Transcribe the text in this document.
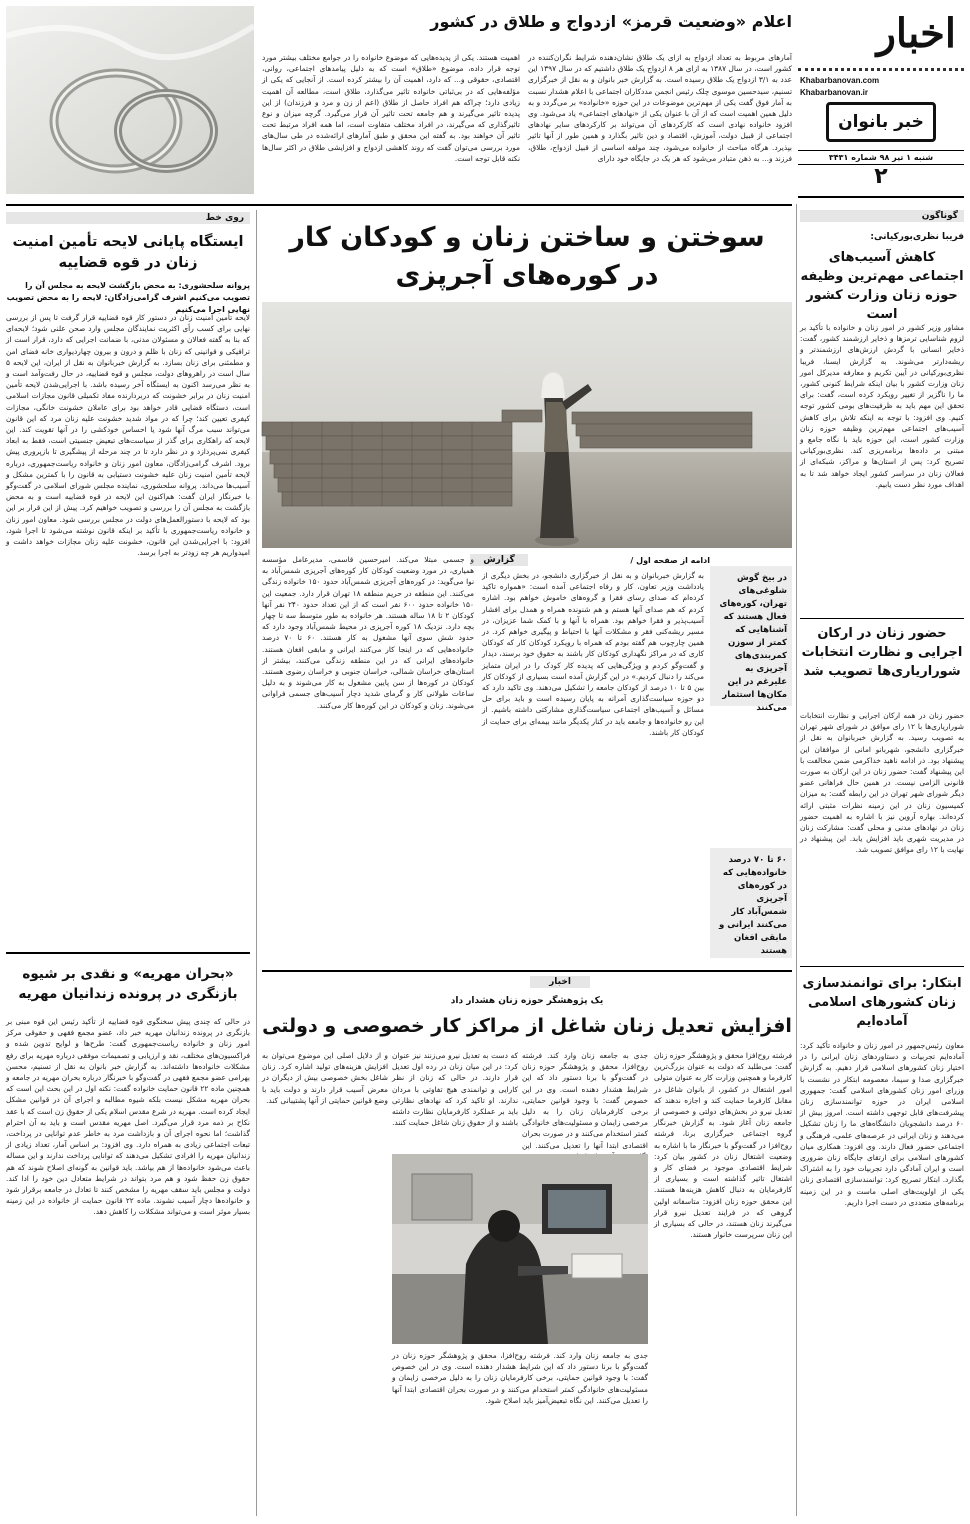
اخبار
Khabarbanovan.com
Khabarbanovan.ir
خبر بانوان
شنبه ۱ تیر ۹۸ شماره ۳۴۳۱
۲
اعلام «وضعیت قرمز» ازدواج و طلاق در کشور
آمارهای مربوط به تعداد ازدواج به ازای یک طلاق نشان‌دهنده شرایط نگران‌کننده در کشور است، در سال ۱۳۸۷ به ازای هر ۸ ازدواج یک طلاق داشتیم که در سال ۱۳۹۷ این عدد به ۳/۱ ازدواج یک طلاق رسیده است. به گزارش خبر بانوان و به نقل از خبرگزاری تسنیم، سیدحسین موسوی چلک رئیس انجمن مددکاران اجتماعی با اعلام هشدار نسبت به آمار فوق گفت یکی از مهم‌ترین موضوعات در این حوزه «خانواده» بر می‌گردد و به دلیل همین اهمیت است که از آن با عنوان یکی از «نهادهای اجتماعی» یاد می‌شود. وی افزود خانواده نهادی است که کارکردهای آن می‌تواند بر کارکردهای سایر نهادهای اجتماعی از قبیل دولت، آموزش، اقتصاد و دین تاثیر بگذارد و همین طور از آنها تاثیر بپذیرد. هرگاه مباحث از خانواده می‌شود، چند مولفه اساسی از قبیل ازدواج، طلاق، فرزند و... به ذهن متبادر می‌شود که هر یک در جایگاه خود دارای
اهمیت هستند. یکی از پدیده‌هایی که موضوع خانواده را در جوامع مختلف بیشتر مورد توجه قرار داده، موضوع «طلاق» است که به دلیل پیامدهای اجتماعی، روانی، اقتصادی، حقوقی و... که دارد، اهمیت آن را بیشتر کرده است. از آنجایی که یکی از مؤلفه‌هایی که در بی‌ثباتی خانواده تاثیر می‌گذارد، طلاق است، مطالعه آن اهمیت زیادی دارد؛ چراکه هم افراد حاصل از طلاق (اعم از زن و مرد و فرزندان) از این پدیده تاثیر می‌گیرند و هم جامعه تحت تاثیر آن قرار می‌گیرد. گرچه میزان و نوع تاثیرگذاری که می‌گیرند، در افراد مختلف متفاوت است، اما همه افراد مرتبط تحت تاثیر آن خواهند بود. به گفته این محقق و طبق آمارهای ارائه‌شده در طی سال‌های مورد بررسی می‌توان گفت که روند کاهشی ازدواج و افزایشی طلاق در اکثر سال‌ها نکته قابل توجه است.
روی خط
ایستگاه پایانی لایحه تأمین امنیت زنان در قوه قضاییه
پروانه سلحشوری: به محض بازگشت لایحه به مجلس آن را تصویب می‌کنیم اشرف گرامی‌زادگان: لایحه را به محض تصویب نهایی اجرا می‌کنیم
لایحه تأمین امنیت زنان در دستور کار قوه قضاییه قرار گرفت تا پس از بررسی نهایی برای کسب رأی اکثریت نمایندگان مجلس وارد صحن علنی شود؛ لایحه‌ای که بنا به گفته فعالان و مسئولان مدنی، با ضمانت اجرایی که دارد، قرار است از ترافیکی و قوانینی که زنان با ظلم و درون و بیرون چهاردیواری خانه فضای امن و مطمئنی برای زنان بسازد. به گزارش خبربانوان به نقل از ایران، این لایحه ۵ سال است در راهروهای دولت، مجلس و قوه قضاییه، در حال رفت‌وآمد است و به نظر می‌رسد اکنون به ایستگاه آخر رسیده باشد. با اجرایی‌شدن لایحه تأمین امنیت زنان در برابر خشونت که دربردارنده مفاد تکمیلی قانون مجازات اسلامی است، دستگاه قضایی قادر خواهد بود برای عاملان خشونت خانگی، مجازات کیفری تعیین کند؛ چرا که در مواد شدید خشونت علیه زنان مرد که این قانون می‌تواند سبب مرگ آنها شود یا احساس خودکشی را در آنها تقویت کند. این لایحه که راهکاری برای گذر از سیاست‌های تبعیض جنسیتی است، فقط به ابعاد کیفری نمی‌پردازد و در نظر دارد تا در چند مرحله از پیشگیری تا بازپروری پیش برود. اشرف گرامی‌زادگان، معاون امور زنان و خانواده ریاست‌جمهوری، درباره لایحه تأمین امنیت زنان علیه خشونت دستیابی به قانون را با کمترین مشکل و آسیب‌ها می‌داند. پروانه سلحشوری، نماینده مجلس شورای اسلامی در گفت‌وگو با خبرنگار ایران گفت: هم‌اکنون این لایحه در قوه قضاییه است و به محض بازگشت به مجلس آن را بررسی و تصویب خواهیم کرد. پیش از این قرار بر این بود که لایحه با دستورالعمل‌های دولت در مجلس بررسی شود. معاون امور زنان و خانواده ریاست‌جمهوری با تأکید بر اینکه قانون نوشته می‌شود تا اجرا شود، افزود: با اجرایی‌شدن این قانون، خشونت علیه زنان مجازات خواهد داشت و امیدواریم هر چه زودتر به اجرا برسد.
«بحران مهریه» و نقدی بر شیوه بازنگری در پرونده زندانیان مهریه
در حالی که چندی پیش سخنگوی قوه قضاییه از تأکید رئیس این قوه مبنی بر بازنگری در پرونده زندانیان مهریه خبر داد، عضو مجمع فقهی و حقوقی مرکز امور زنان و خانواده ریاست‌جمهوری گفت: طرح‌ها و لوایح تدوین شده و فراکسیون‌های مختلف، نقد و ارزیابی و تصمیمات موفقی درباره مهریه برای رفع مشکلات خانواده‌ها داشته‌اند. به گزارش خبر بانوان به نقل از تسنیم، محسن بهرامی عضو مجمع فقهی در گفت‌وگو با خبرنگار درباره بحران مهریه در جامعه و همچنین ماده ۲۲ قانون حمایت خانواده گفت: نکته اول در این بحث این است که بحران مهریه مشکل نیست بلکه شیوه مطالبه و اجرای آن در قوانین مشکل ایجاد کرده است. مهریه در شرع مقدس اسلام یکی از حقوق زن است که با عقد نکاح بر ذمه مرد قرار می‌گیرد. اصل مهریه مقدس است و باید به آن احترام گذاشت؛ اما نحوه اجرای آن و بازداشت مرد به خاطر عدم توانایی در پرداخت، تبعات اجتماعی زیادی به همراه دارد. وی افزود: بر اساس آمار، تعداد زیادی از زندانیان مهریه را افرادی تشکیل می‌دهند که توانایی پرداخت ندارند و این مساله باعث می‌شود خانواده‌ها از هم بپاشد. باید قوانین به گونه‌ای اصلاح شوند که هم حقوق زن حفظ شود و هم مرد بتواند در شرایط متعادل دین خود را ادا کند. دولت و مجلس باید سقف مهریه را مشخص کنند تا تعادل در جامعه برقرار شود و خانواده‌ها دچار آسیب نشوند. ماده ۲۲ قانون حمایت از خانواده در این زمینه بسیار موثر است و می‌تواند مشکلات را کاهش دهد.
سوختن و ساختن زنان و کودکان کار
در کوره‌های آجرپزی
گزارش	ادامه از صفحه اول /
در بیخ گوش شلوغی‌های تهران، کوره‌های فعال هستند که آشناهایی که کمتر از سوزن کمربندی‌های آجرپزی به علیرغم در این مکان‌ها استثمار می‌کنند
۶۰ تا ۷۰ درصد خانواده‌هایی که در کوره‌های آجرپزی شمس‌آباد کار می‌کنند ایرانی و مابقی افغان هستند
به گزارش خبربانوان و به نقل از خبرگزاری دانشجو، در بخش دیگری از یادداشت وزیر تعاون، کار و رفاه اجتماعی آمده است: «همواره تاکید کرده‌ام که صدای رسای فقرا و گروه‌های خاموش خواهم بود. اشاره کردم که هم صدای آنها هستم و هم شنونده همراه و همدل برای افشار آسیب‌پذیر و فقرا خواهم بود. همراه با آنها و با کمک شما عزیزان، در مسیر ریشه‌کنی فقر و مشکلات آنها با احتیاط و پیگیری خواهم کرد. در همین چارچوب هم گفته بودم که همراه با رویکرد کودکان کار که کودکان کاری که در مراکز نگهداری کودکان کار باشند به حقوق خود برسند، دیدار و گفت‌وگو کردم و ویژگی‌هایی که پدیده کار کودک را در ایران متمایز می‌کند را دنبال کردیم.» در این گزارش آمده است بسیاری از کودکان کار بین ۵ تا ۱۰ درصد از کودکان جامعه را تشکیل می‌دهند. وی تاکید دارد که دو حوزه سیاست‌گذاری آمرانه به پایان رسیده است و باید برای حل مسائل و آسیب‌های اجتماعی سیاست‌گذاری مشارکتی داشته باشیم. از این رو خانواده‌ها و جامعه باید در کنار یکدیگر مانند بیمه‌ای برای حمایت از کودکان کار باشند.
و جسمی مبتلا می‌کند. امیرحسین قاسمی، مدیرعامل مؤسسه همیاری، در مورد وضعیت کودکان کار کوره‌های آجرپزی شمس‌آباد به نوا می‌گوید: در کوره‌های آجرپزی شمس‌آباد حدود ۱۵۰ خانواده زندگی می‌کنند. این منطقه در حریم منطقه ۱۸ تهران قرار دارد. جمعیت این ۱۵۰ خانواده حدود ۶۰۰ نفر است که از این تعداد حدود ۲۴۰ نفر آنها کودکان ۲ تا ۱۸ ساله هستند. هر خانواده به طور متوسط سه تا چهار بچه دارد. نزدیک ۱۸ کوره آجرپزی در محیط شمس‌آباد وجود دارد که حدود شش سوی آنها مشغول به کار هستند. ۶۰ تا ۷۰ درصد خانواده‌هایی که در اینجا کار می‌کنند ایرانی و مابقی افغان هستند. خانواده‌های ایرانی که در این منطقه زندگی می‌کنند، بیشتر از استان‌های خراسان شمالی، خراسان جنوبی و خراسان رضوی هستند. کودکان در کوره‌ها از سن پایین مشغول به کار می‌شوند و به دلیل ساعات طولانی کار و گرمای شدید دچار آسیب‌های جسمی فراوانی می‌شوند. زنان و کودکان در این کوره‌ها کار می‌کنند.
اخبار
یک پژوهشگر حوزه زنان هشدار داد
افزایش تعدیل زنان شاغل از مراکز کار خصوصی و دولتی
فرشته روح‌افزا محقق و پژوهشگر حوزه زنان گفت: می‌طلبد که دولت به عنوان بزرگ‌ترین کارفرما و همچنین وزارت کار به عنوان متولی امور اشتغال در کشور، از بانوان شاغل در مقابل کارفرما حمایت کند و اجازه ندهند که تعدیل نیرو در بخش‌های دولتی و خصوصی از جامعه زنان آغاز شود. به گزارش خبرنگار گروه اجتماعی خبرگزاری برنا، فرشته روح‌افزا در گفت‌وگو با خبرنگار ما با اشاره به وضعیت اشتغال زنان در کشور بیان کرد: شرایط اقتصادی موجود بر فضای کار و اشتغال تاثیر گذاشته است و بسیاری از کارفرمایان به دنبال کاهش هزینه‌ها هستند. این محقق حوزه زنان افزود: متاسفانه اولین گروهی که در فرایند تعدیل نیرو قرار می‌گیرند زنان هستند، در حالی که بسیاری از این زنان سرپرست خانوار هستند.
جدی به جامعه زنان وارد کند. فرشته روح‌افزا، محقق و پژوهشگر حوزه زنان در گفت‌وگو با برنا دستور داد که این شرایط هشدار دهنده است. وی در این خصوص گفت: با وجود قوانین حمایتی، برخی کارفرمایان زنان را به دلیل مرخصی زایمان و مسئولیت‌های خانوادگی کمتر استخدام می‌کنند و در صورت بحران اقتصادی ابتدا آنها را تعدیل می‌کنند. این
که دست به تعدیل نیرو می‌زنند نیز عنوان کرد: در این میان زنان در رده اول تعدیل قرار دارند. در حالی که زنان از نظر کارایی و توانمندی هیچ تفاوتی با مردان ندارند. او تاکید کرد که نهادهای نظارتی باید بر عملکرد کارفرمایان نظارت داشته باشند و از حقوق زنان شاغل حمایت کنند.
و از دلایل اصلی این موضوع می‌توان به افزایش هزینه‌های تولید اشاره کرد. زنان شاغل بخش خصوصی بیش از دیگران در معرض آسیب قرار دارند و دولت باید با وضع قوانین حمایتی از آنها پشتیبانی کند.
جدی به جامعه زنان وارد کند. فرشته روح‌افزا، محقق و پژوهشگر حوزه زنان در گفت‌وگو با برنا دستور داد که این شرایط هشدار دهنده است. وی در این خصوص گفت: با وجود قوانین حمایتی، برخی کارفرمایان زنان را به دلیل مرخصی زایمان و مسئولیت‌های خانوادگی کمتر استخدام می‌کنند و در صورت بحران اقتصادی ابتدا آنها را تعدیل می‌کنند. این نگاه تبعیض‌آمیز باید اصلاح شود.
گوناگون
فریبا نظری‌بورکیانی:
کاهش آسیب‌های اجتماعی مهم‌ترین وظیفه حوزه زنان وزارت کشور است
مشاور وزیر کشور در امور زنان و خانواده با تأکید بر لزوم شناسایی ترمزها و ذخایر ارزشمند کشور، گفت: ذخایر انسانی با گردش ارزش‌های ارزشمندتر و ریشه‌دارتر می‌شوند. به گزارش ایسنا، فریبا نظری‌بورکیانی در آیین تکریم و معارفه مدیرکل امور زنان وزارت کشور با بیان اینکه شرایط کنونی کشور، ما را ناگزیر از تغییر رویکرد کرده است، گفت: برای تحقق این مهم باید به ظرفیت‌های بومی کشور توجه کنیم. وی افزود: با توجه به اینکه تلاش برای کاهش آسیب‌های اجتماعی مهم‌ترین وظیفه حوزه زنان وزارت کشور است، این حوزه باید با نگاه جامع و مبتنی بر داده‌ها برنامه‌ریزی کند. نظری‌بورکیانی تصریح کرد: پس از استان‌ها و مراکز، شبکه‌ای از فعالان زنان در سراسر کشور ایجاد خواهد شد تا به اهداف مورد نظر دست یابیم.
حضور زنان در ارکان اجرایی و نظارت انتخابات شوراریاری‌ها تصویب شد
حضور زنان در همه ارکان اجرایی و نظارت انتخابات شوراریاری‌ها با ۱۲ رای موافق در شورای شهر تهران به تصویب رسید. به گزارش خبربانوان به نقل از خبرگزاری دانشجو، شهربانو امانی از موافقان این پیشنهاد بود. در ادامه ناهید خداکرمی ضمن مخالفت با این پیشنهاد گفت: حضور زنان در این ارکان به صورت قانونی الزامی نیست. در همین حال فراهانی عضو دیگر شورای شهر تهران در این رابطه گفت: به میزان کمیسیون زنان در این زمینه نظرات مثبتی ارائه کرده‌اند. بهاره آروین نیز با اشاره به اهمیت حضور زنان در نهادهای مدنی و محلی گفت: مشارکت زنان در مدیریت شهری باید افزایش یابد. این پیشنهاد در نهایت با ۱۲ رای موافق تصویب شد.
ابتکار: برای توانمندسازی زنان کشورهای اسلامی آماده‌ایم
معاون رئیس‌جمهور در امور زنان و خانواده تأکید کرد: آماده‌ایم تجربیات و دستاوردهای زنان ایرانی را در اختیار زنان کشورهای اسلامی قرار دهیم. به گزارش خبرگزاری صدا و سیما، معصومه ابتکار در نشست با وزرای امور زنان کشورهای اسلامی گفت: جمهوری اسلامی ایران در حوزه توانمندسازی زنان پیشرفت‌های قابل توجهی داشته است. امروز بیش از ۶۰ درصد دانشجویان دانشگاه‌های ما را زنان تشکیل می‌دهند و زنان ایرانی در عرصه‌های علمی، فرهنگی و اجتماعی حضور فعال دارند. وی افزود: همکاری میان کشورهای اسلامی برای ارتقای جایگاه زنان ضروری است و ایران آمادگی دارد تجربیات خود را به اشتراک بگذارد. ابتکار تصریح کرد: توانمندسازی اقتصادی زنان یکی از اولویت‌های اصلی ماست و در این زمینه برنامه‌های متعددی در دست اجرا داریم.
